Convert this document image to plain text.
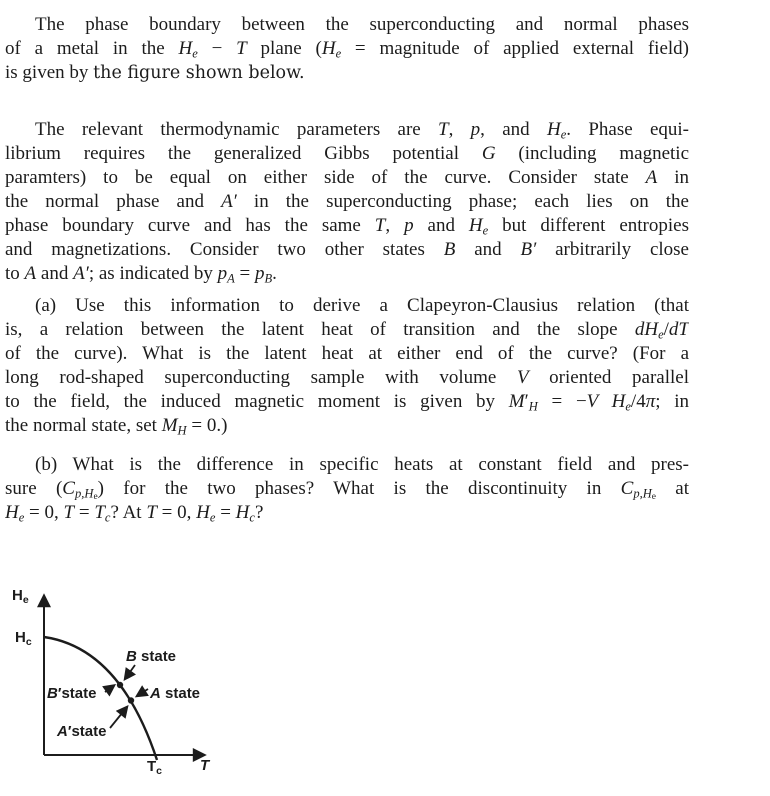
The phase boundary between the superconducting and normal phases
of a metal in the $H_e - T$ plane ($H_e$ = magnitude of applied external field)
is given by the figure shown below.
The relevant thermodynamic parameters are T, p, and $H_e$. Phase equi-
librium requires the generalized Gibbs potential G (including magnetic
paramters) to be equal on either side of the curve. Consider state A in
the normal phase and A′ in the superconducting phase; each lies on the
phase boundary curve and has the same T, p and $H_e$ but different entropies
and magnetizations. Consider two other states B and B′ arbitrarily close
to A and A′; as indicated by $p_A = p_B$.
(a) Use this information to derive a Clapeyron-Clausius relation (that
is, a relation between the latent heat of transition and the slope $dH_e/dT$
of the curve). What is the latent heat at either end of the curve? (For a
long rod-shaped superconducting sample with volume V oriented parallel
to the field, the induced magnetic moment is given by $M'_H = -V$ $H_e/4\pi$; in
the normal state, set $M_H = 0$.)
(b) What is the difference in specific heats at constant field and pres-
sure $(C_{p,He})$ for the two phases? What is the discontinuity in $C_{p,He}$ at
$H_e = 0$, $T = T_c$? At T = 0, $H_e = H_c$?
$H_e$
$H_c$
B state
B′state	A state
A′state
$T_c$	T
